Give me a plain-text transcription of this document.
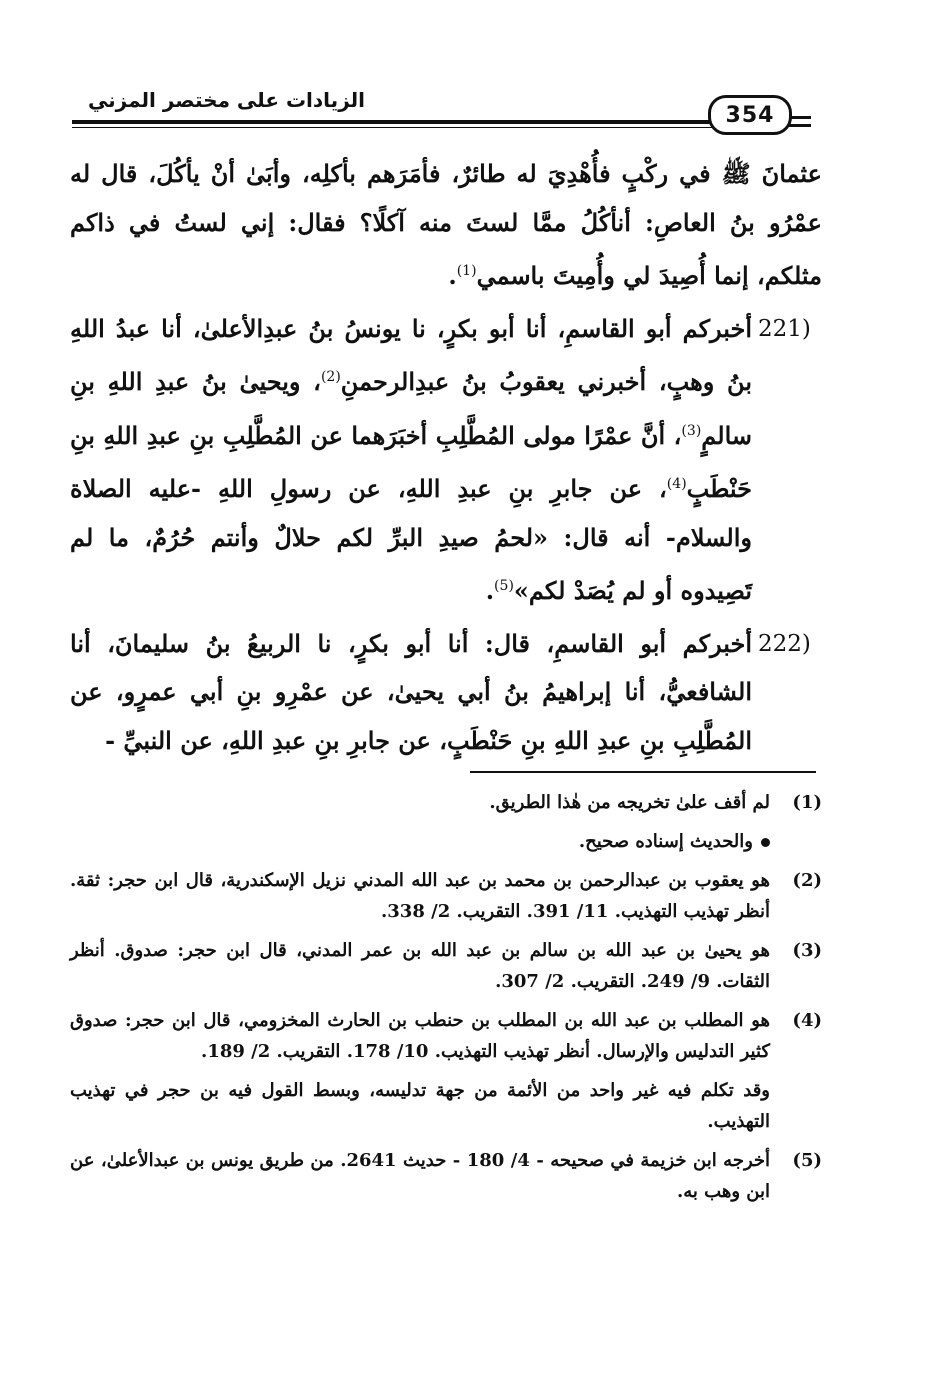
الزيادات على مختصر المزني
354

عثمانَ ﷺ في ركْبٍ فأُهْدِيَ له طائرٌ، فأمَرَهم بأكلِه، وأبَىٰ أنْ يأكُلَ، قال له عمْرُو بنُ العاصِ: أنأكُلُ ممَّا لستَ منه آكلًا؟ فقال: إني لستُ في ذاكم مثلكم، إنما أُصِيدَ لي وأُمِيتَ باسمي$^{(1)}$.

221)
أخبركم أبو القاسمِ، أنا أبو بكرٍ، نا يونسُ بنُ عبدِالأعلىٰ، أنا عبدُ اللهِ بنُ وهبٍ، أخبرني يعقوبُ بنُ عبدِالرحمنِ$^{(2)}$، ويحيىٰ بنُ عبدِ اللهِ بنِ سالمٍ$^{(3)}$، أنَّ عمْرًا مولى المُطَّلِبِ أخبَرَهما عن المُطَّلِبِ بنِ عبدِ اللهِ بنِ حَنْطَبٍ$^{(4)}$، عن جابرِ بنِ عبدِ اللهِ، عن رسولِ اللهِ -عليه الصلاة والسلام- أنه قال: «لحمُ صيدِ البرِّ لكم حلالٌ وأنتم حُرُمٌ، ما لم تَصِيدوه أو لم يُصَدْ لكم»$^{(5)}$.

222)
أخبركم أبو القاسمِ، قال: أنا أبو بكرٍ، نا الربيعُ بنُ سليمانَ، أنا الشافعيُّ، أنا إبراهيمُ بنُ أبي يحيىٰ، عن عمْرِو بنِ أبي عمرٍو، عن المُطَّلِبِ بنِ عبدِ اللهِ بنِ حَنْطَبٍ، عن جابرِ بنِ عبدِ اللهِ، عن النبيِّ -

(1)
لم أقف علىٰ تخريجه من هٰذا الطريق.
والحديث إسناده صحيح.
(2)
هو يعقوب بن عبدالرحمن بن محمد بن عبد الله المدني نزيل الإسكندرية، قال ابن حجر: ثقة. أنظر تهذيب التهذيب. 11/ 391. التقريب. 2/ 338.
(3)
هو يحيىٰ بن عبد الله بن سالم بن عبد الله بن عمر المدني، قال ابن حجر: صدوق. أنظر الثقات. 9/ 249. التقريب. 2/ 307.
(4)
هو المطلب بن عبد الله بن المطلب بن حنطب بن الحارث المخزومي، قال ابن حجر: صدوق كثير التدليس والإرسال. أنظر تهذيب التهذيب. 10/ 178. التقريب. 2/ 189.
وقد تكلم فيه غير واحد من الأئمة من جهة تدليسه، وبسط القول فيه بن حجر في تهذيب التهذيب.
(5)
أخرجه ابن خزيمة في صحيحه - 4/ 180 - حديث 2641. من طريق يونس بن عبدالأعلىٰ، عن ابن وهب به.
